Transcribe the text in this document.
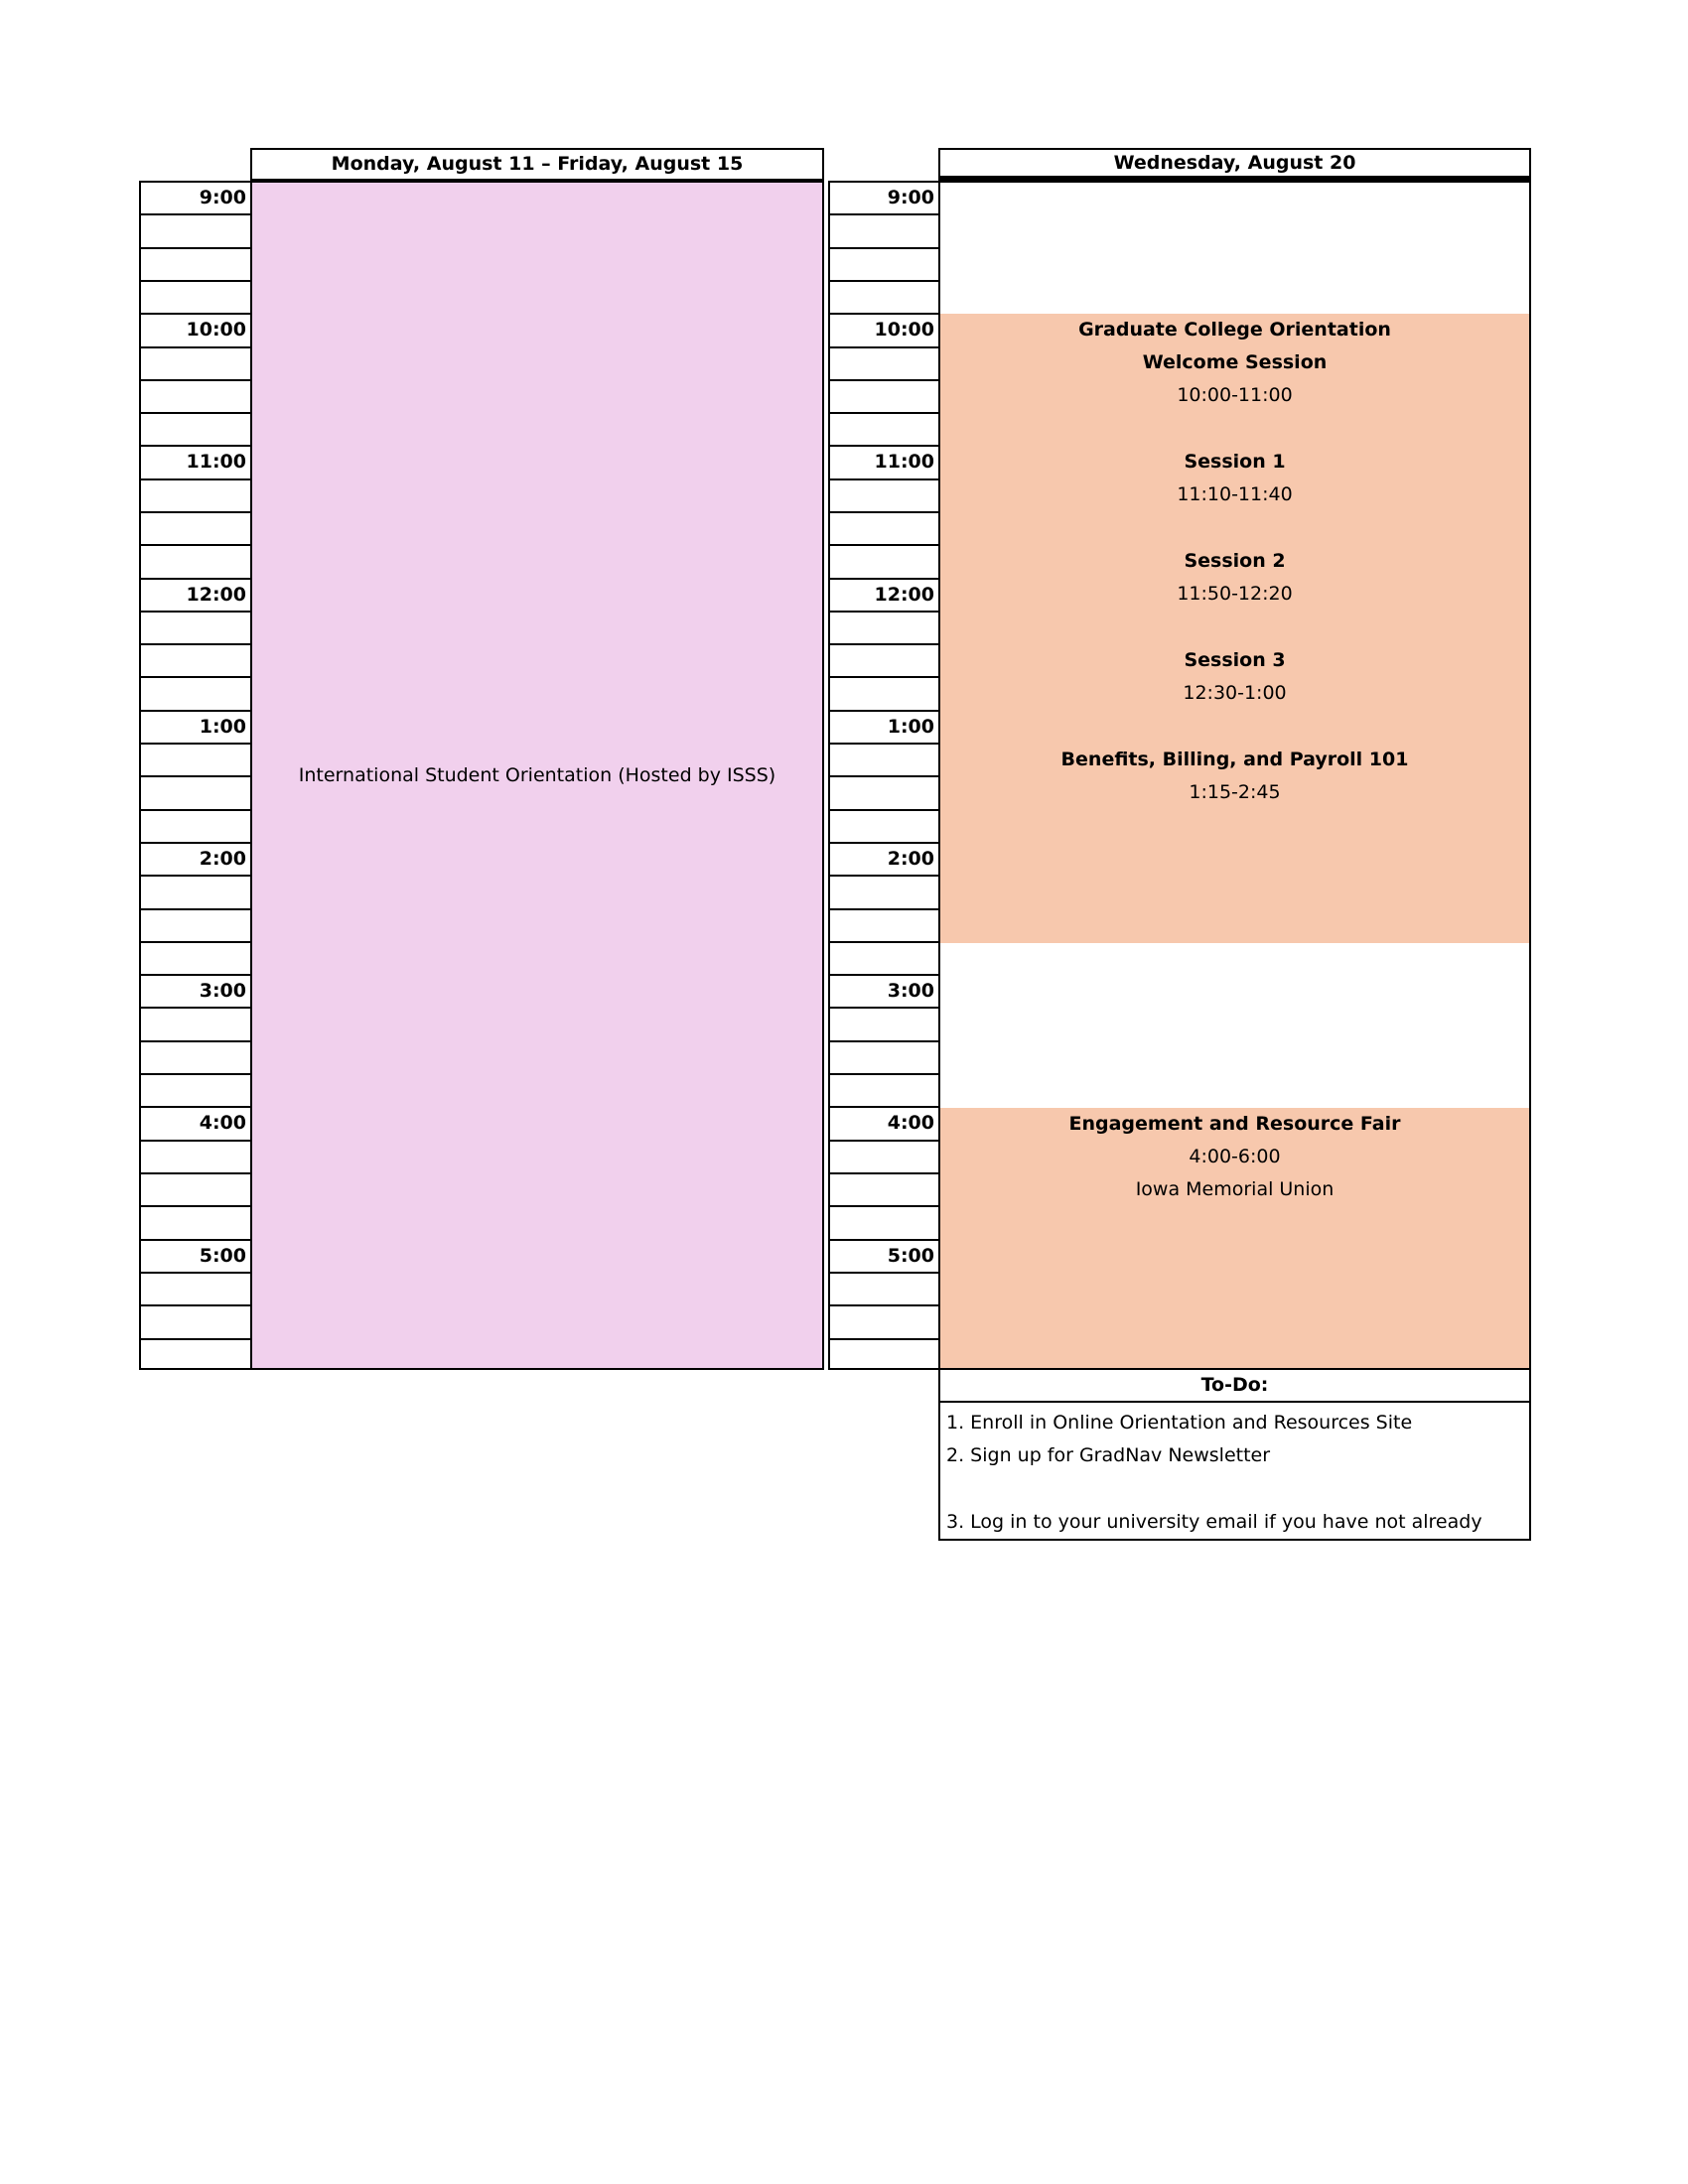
Monday, August 11 – Friday, August 15
9:00
10:00
11:00
12:00
1:00
2:00
3:00
4:00
5:00
International Student Orientation (Hosted by ISSS)
Wednesday, August 20
9:00
10:00
11:00
12:00
1:00
2:00
3:00
4:00
5:00
Graduate College Orientation
Welcome Session
10:00-11:00
Session 1
11:10-11:40
Session 2
11:50-12:20
Session 3
12:30-1:00
Benefits, Billing, and Payroll 101
1:15-2:45
Engagement and Resource Fair
4:00-6:00
Iowa Memorial Union
To-Do:
1. Enroll in Online Orientation and Resources Site
2. Sign up for GradNav Newsletter
3. Log in to your university email if you have not already
